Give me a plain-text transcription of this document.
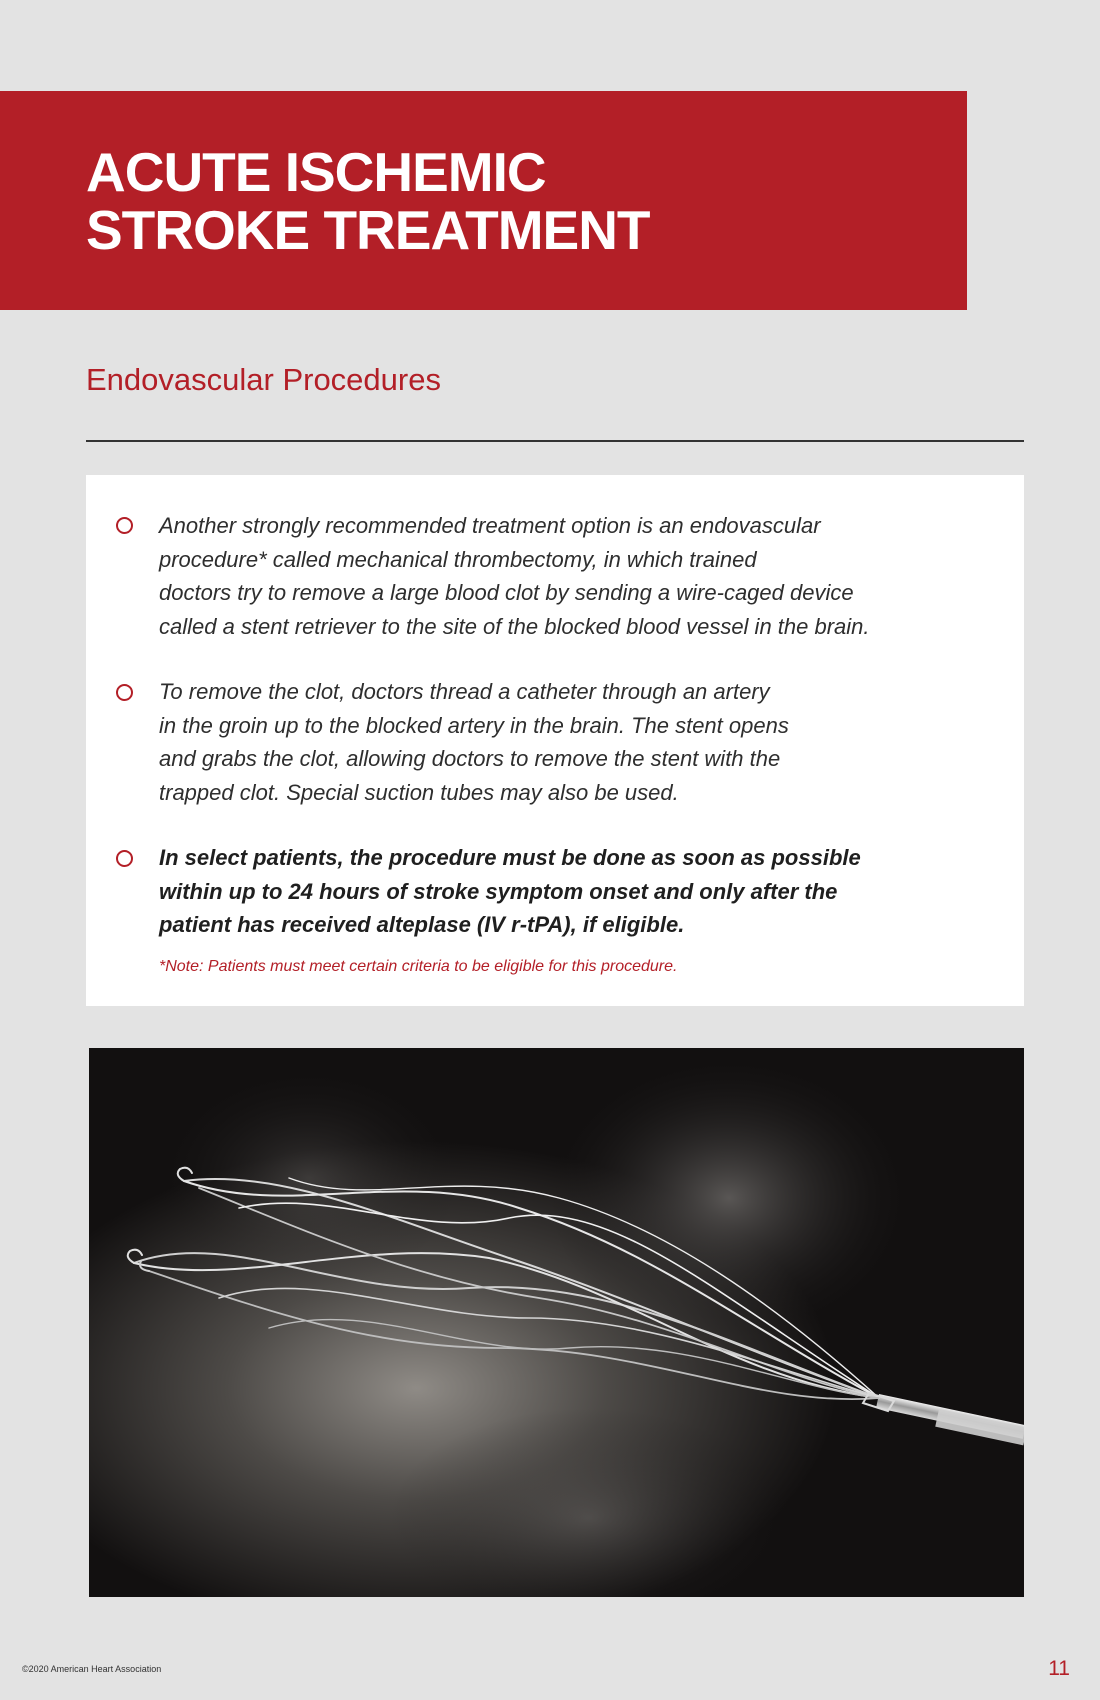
ACUTE ISCHEMIC
STROKE TREATMENT
Endovascular Procedures
Another strongly recommended treatment option is an endovascular
procedure* called mechanical thrombectomy, in which trained
doctors try to remove a large blood clot by sending a wire-caged device
called a stent retriever to the site of the blocked blood vessel in the brain.
To remove the clot, doctors thread a catheter through an artery
in the groin up to the blocked artery in the brain. The stent opens
and grabs the clot, allowing doctors to remove the stent with the
trapped clot. Special suction tubes may also be used.
In select patients, the procedure must be done as soon as possible
within up to 24 hours of stroke symptom onset and only after the
patient has received alteplase (IV r-tPA), if eligible.
*Note: Patients must meet certain criteria to be eligible for this procedure.
©2020 American Heart Association	11
